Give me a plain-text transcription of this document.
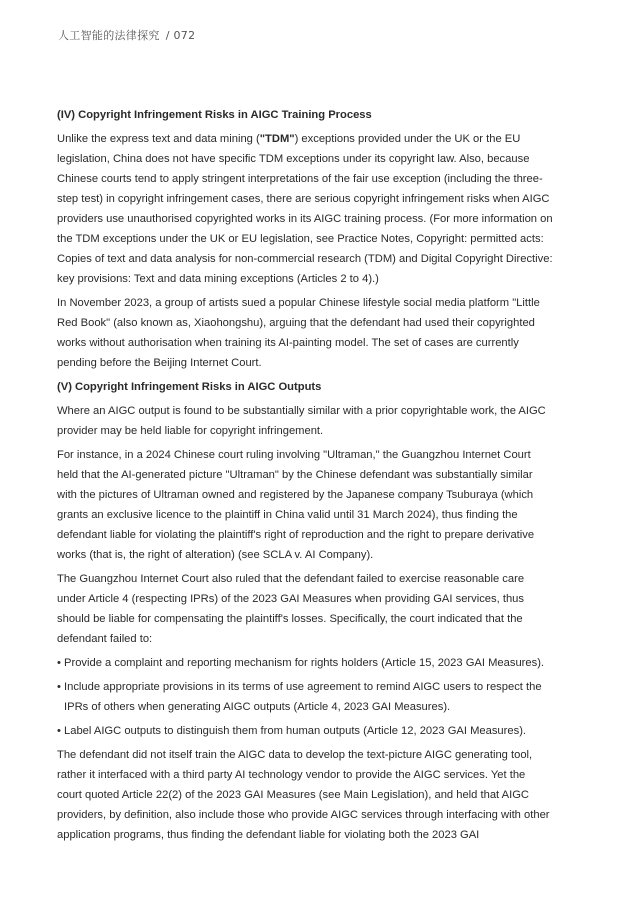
人工智能的法律探究 / 072
(IV) Copyright Infringement Risks in AIGC Training Process

Unlike the express text and data mining ("TDM") exceptions provided under the UK or the EU legislation, China does not have specific TDM exceptions under its copyright law. Also, because Chinese courts tend to apply stringent interpretations of the fair use exception (including the three-step test) in copyright infringement cases, there are serious copyright infringement risks when AIGC providers use unauthorised copyrighted works in its AIGC training process. (For more information on the TDM exceptions under the UK or EU legislation, see Practice Notes, Copyright: permitted acts: Copies of text and data analysis for non-commercial research (TDM) and Digital Copyright Directive: key provisions: Text and data mining exceptions (Articles 2 to 4).)

In November 2023, a group of artists sued a popular Chinese lifestyle social media platform "Little Red Book" (also known as, Xiaohongshu), arguing that the defendant had used their copyrighted works without authorisation when training its AI-painting model. The set of cases are currently pending before the Beijing Internet Court.

(V) Copyright Infringement Risks in AIGC Outputs

Where an AIGC output is found to be substantially similar with a prior copyrightable work, the AIGC provider may be held liable for copyright infringement.

For instance, in a 2024 Chinese court ruling involving "Ultraman," the Guangzhou Internet Court held that the AI-generated picture "Ultraman" by the Chinese defendant was substantially similar with the pictures of Ultraman owned and registered by the Japanese company Tsuburaya (which grants an exclusive licence to the plaintiff in China valid until 31 March 2024), thus finding the defendant liable for violating the plaintiff's right of reproduction and the right to prepare derivative works (that is, the right of alteration) (see SCLA v. AI Company).

The Guangzhou Internet Court also ruled that the defendant failed to exercise reasonable care under Article 4 (respecting IPRs) of the 2023 GAI Measures when providing GAI services, thus should be liable for compensating the plaintiff's losses. Specifically, the court indicated that the defendant failed to:

• Provide a complaint and reporting mechanism for rights holders (Article 15, 2023 GAI Measures).
• Include appropriate provisions in its terms of use agreement to remind AIGC users to respect the IPRs of others when generating AIGC outputs (Article 4, 2023 GAI Measures).
• Label AIGC outputs to distinguish them from human outputs (Article 12, 2023 GAI Measures).

The defendant did not itself train the AIGC data to develop the text-picture AIGC generating tool, rather it interfaced with a third party AI technology vendor to provide the AIGC services. Yet the court quoted Article 22(2) of the 2023 GAI Measures (see Main Legislation), and held that AIGC providers, by definition, also include those who provide AIGC services through interfacing with other application programs, thus finding the defendant liable for violating both the 2023 GAI
